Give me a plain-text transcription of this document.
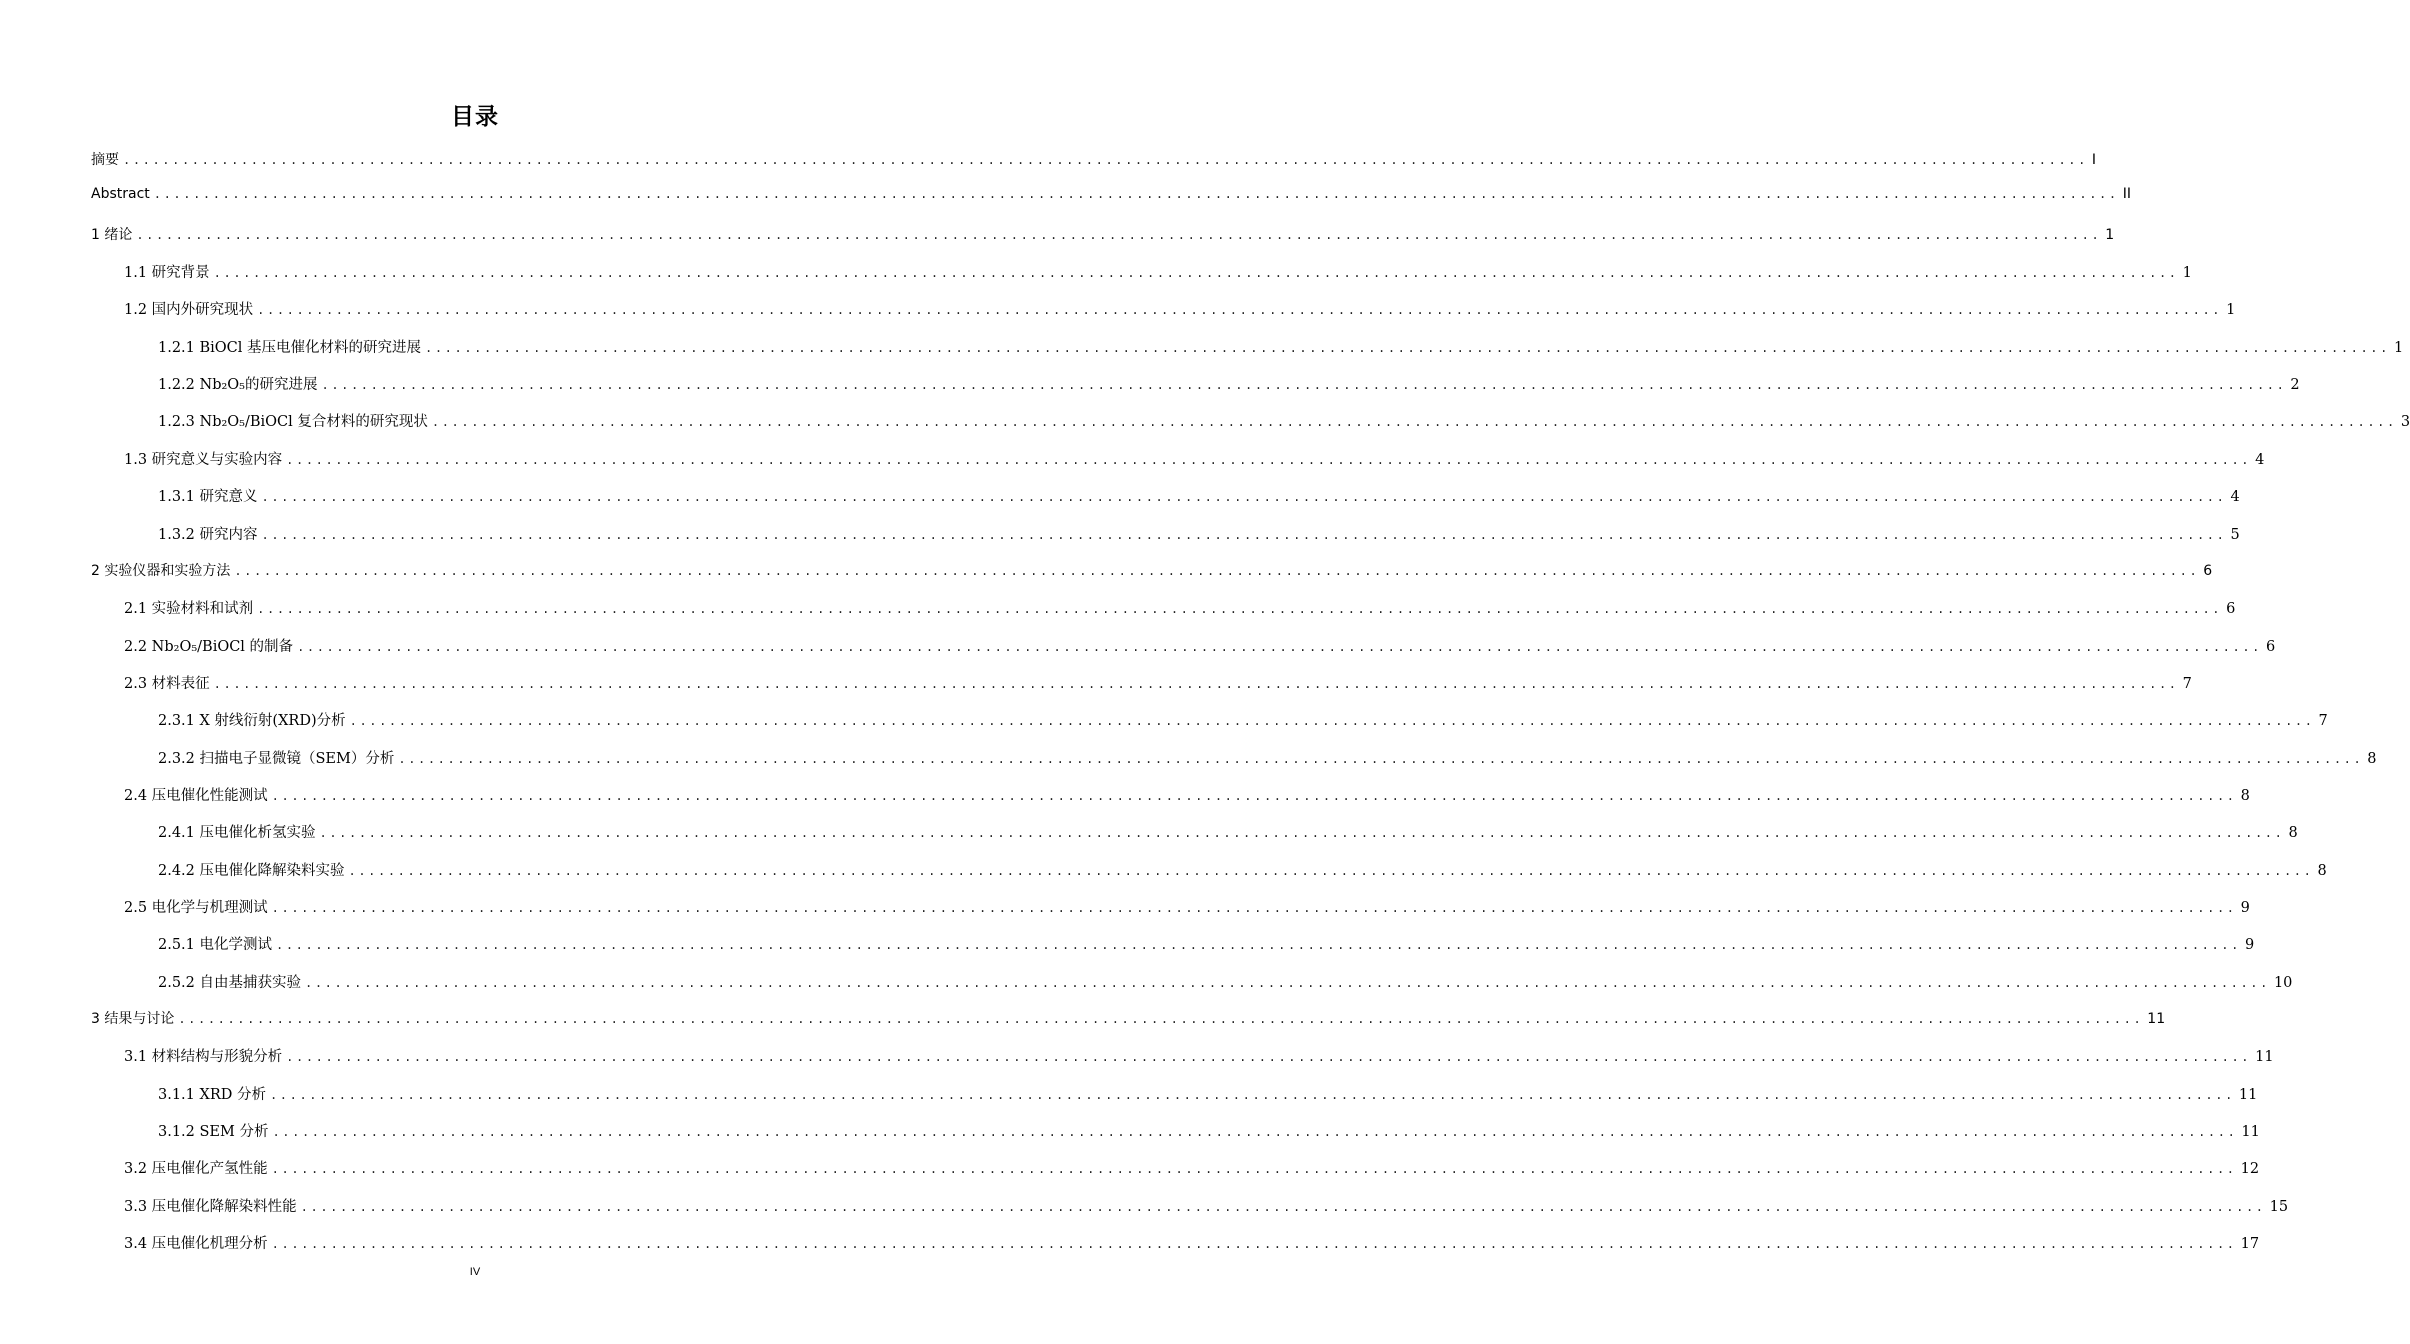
目录
摘要 ........................................................................................................................................................................................................ I
Abstract ........................................................................................................................................................................................................ II
1 绪论 ........................................................................................................................................................................................................ 1
1.1 研究背景 ........................................................................................................................................................................................................ 1
1.2 国内外研究现状 ........................................................................................................................................................................................................ 1
1.2.1 BiOCl 基压电催化材料的研究进展 ........................................................................................................................................................................................................ 1
1.2.2 Nb₂O₅的研究进展 ........................................................................................................................................................................................................ 2
1.2.3 Nb₂O₅/BiOCl 复合材料的研究现状 ........................................................................................................................................................................................................ 3
1.3 研究意义与实验内容 ........................................................................................................................................................................................................ 4
1.3.1 研究意义 ........................................................................................................................................................................................................ 4
1.3.2 研究内容 ........................................................................................................................................................................................................ 5
2 实验仪器和实验方法 ........................................................................................................................................................................................................ 6
2.1 实验材料和试剂 ........................................................................................................................................................................................................ 6
2.2 Nb₂O₅/BiOCl 的制备 ........................................................................................................................................................................................................ 6
2.3 材料表征 ........................................................................................................................................................................................................ 7
2.3.1 X 射线衍射(XRD)分析 ........................................................................................................................................................................................................ 7
2.3.2 扫描电子显微镜（SEM）分析 ........................................................................................................................................................................................................ 8
2.4 压电催化性能测试 ........................................................................................................................................................................................................ 8
2.4.1 压电催化析氢实验 ........................................................................................................................................................................................................ 8
2.4.2 压电催化降解染料实验 ........................................................................................................................................................................................................ 8
2.5 电化学与机理测试 ........................................................................................................................................................................................................ 9
2.5.1 电化学测试 ........................................................................................................................................................................................................ 9
2.5.2 自由基捕获实验 ........................................................................................................................................................................................................ 10
3 结果与讨论 ........................................................................................................................................................................................................ 11
3.1 材料结构与形貌分析 ........................................................................................................................................................................................................ 11
3.1.1 XRD 分析 ........................................................................................................................................................................................................ 11
3.1.2 SEM 分析 ........................................................................................................................................................................................................ 11
3.2 压电催化产氢性能 ........................................................................................................................................................................................................ 12
3.3 压电催化降解染料性能 ........................................................................................................................................................................................................ 15
3.4 压电催化机理分析 ........................................................................................................................................................................................................ 17
IV
